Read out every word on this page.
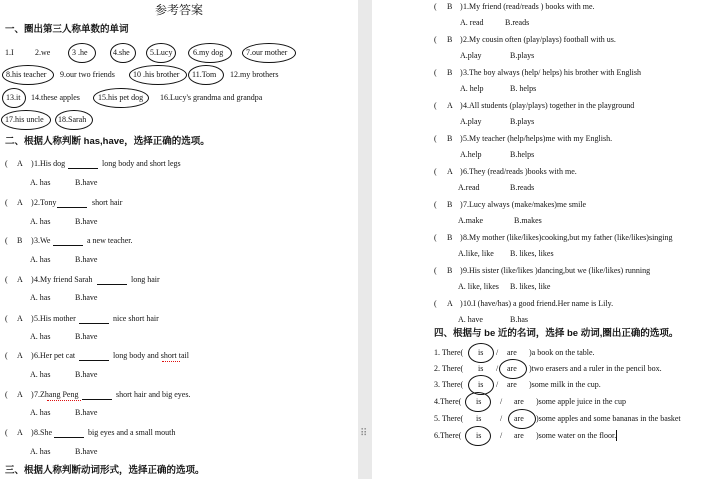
参考答案
一、圈出第三人称单数的单词
1.I	2.we	3 .he	4.she	5.Lucy	6.my dog	7.our mother
8.his teacher 9.our two friends 10 .his brother 11.Tom 12.my brothers
13.it 14.these apples 15.his pet dog 16.Lucy's grandma and grandpa
17.his uncle 18.Sarah
二、根据人称判断 has,have，选择正确的选项。
( A ) 1.His dog	long body and short legs
A. has	B.have
( A ) 2.Tony	short hair
A. has	B.have
( B ) 3.We	a new teacher.
A. has	B.have
( A ) 4.My friend Sarah	long hair
A. has	B.have
( A ) 5.His mother	nice short hair
A. has	B.have
( A ) 6.Her pet cat	long body and short tail
A. has	B.have
( A ) 7.Zhang Peng	short hair and big eyes.
A. has	B.have
( A ) 8.She	big eyes and a small mouth
A. has	B.have
三、根据人称判断动词形式，选择正确的选项。
( B ) 1.My friend (read/reads ) books with me.
A. read	B.reads
( B ) 2.My cousin often (play/plays) football with us.
A.play	B.plays
( B ) 3.The boy always (help/ helps) his brother with English
A. help	B. helps
( A ) 4.All students (play/plays) together in the playground
A.play	B.plays
( B ) 5.My teacher (help/helps)me with my English.
A.help	B.helps
( A ) 6.They (read/reads )books with me.
A.read	B.reads
( B ) 7.Lucy always (make/makes)me smile
A.make	B.makes
( B ) 8.My mother (like/likes)cooking,but my father (like/likes)singing
A.like, like B. likes, likes
( B ) 9.His sister (like/likes )dancing,but we (like/likes) running
A. like, likes B. likes, like
( A ) 10.I (have/has) a good friend.Her name is Lily.
A. have	B.has
四、根据与 be 近的名词，选择 be 动词,圈出正确的选项。
1. There( is / are )a book on the table.
2. There( is / are )two erasers and a ruler in the pencil box.
3. There( is / are )some milk in the cup.
4.There( is / are )some apple juice in the cup
5. There( is / are )some apples and some bananas in the basket
6.There( is / are )some water on the floor.
⠿
